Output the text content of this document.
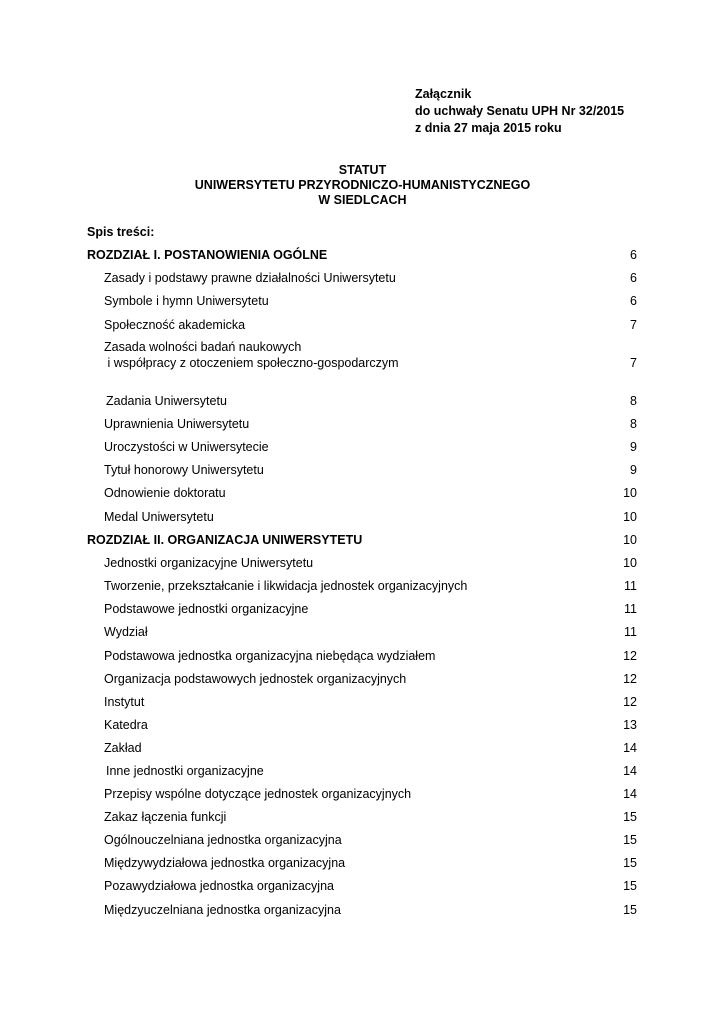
Załącznik
do uchwały Senatu UPH Nr 32/2015
z dnia 27 maja 2015 roku
STATUT
UNIWERSYTETU PRZYRODNICZO-HUMANISTYCZNEGO
W SIEDLCACH
Spis treści:
ROZDZIAŁ I. POSTANOWIENIA OGÓLNE	6
Zasady i podstawy prawne działalności Uniwersytetu	6
Symbole i hymn Uniwersytetu	6
Społeczność akademicka	7
Zasada wolności badań naukowych
i współpracy z otoczeniem społeczno-gospodarczym	7
Zadania Uniwersytetu	8
Uprawnienia Uniwersytetu	8
Uroczystości w Uniwersytecie	9
Tytuł honorowy Uniwersytetu	9
Odnowienie doktoratu	10
Medal Uniwersytetu	10
ROZDZIAŁ II. ORGANIZACJA UNIWERSYTETU	10
Jednostki organizacyjne Uniwersytetu	10
Tworzenie, przekształcanie i likwidacja jednostek organizacyjnych	11
Podstawowe jednostki organizacyjne	11
Wydział	11
Podstawowa jednostka organizacyjna niebędąca wydziałem	12
Organizacja podstawowych jednostek organizacyjnych	12
Instytut	12
Katedra	13
Zakład	14
Inne jednostki organizacyjne	14
Przepisy wspólne dotyczące jednostek organizacyjnych	14
Zakaz łączenia funkcji	15
Ogólnouczelniana jednostka organizacyjna	15
Międzywydziałowa jednostka organizacyjna	15
Pozawydziałowa jednostka organizacyjna	15
Międzyuczelniana jednostka organizacyjna	15
